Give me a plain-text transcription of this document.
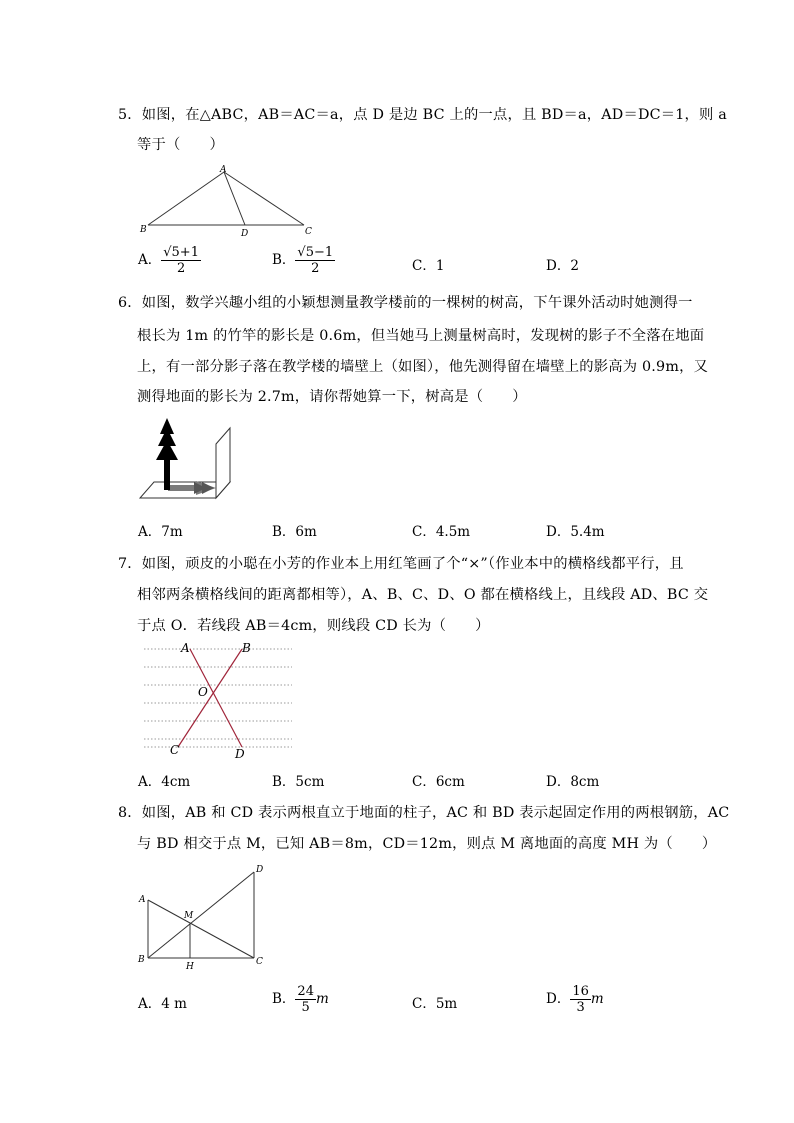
5．如图，在△ABC，AB＝AC＝a，点 D 是边 BC 上的一点，且 BD＝a，AD＝DC＝1，则 a
等于（　　）
A
B	C
D
A． $\frac{√5+1}{2}$	B． $\frac{√5-1}{2}$	C．1	D．2
6．如图，数学兴趣小组的小颖想测量教学楼前的一棵树的树高，下午课外活动时她测得一
根长为 1m 的竹竿的影长是 0.6m，但当她马上测量树高时，发现树的影子不全落在地面
上，有一部分影子落在教学楼的墙壁上（如图），他先测得留在墙壁上的影高为 0.9m，又
测得地面的影长为 2.7m，请你帮她算一下，树高是（　　）
A．7m	B．6m	C．4.5m	D．5.4m
7．如图，顽皮的小聪在小芳的作业本上用红笔画了个“×”（作业本中的横格线都平行，且
相邻两条横格线间的距离都相等），A、B、C、D、O 都在横格线上，且线段 AD、BC 交
于点 O．若线段 AB＝4cm，则线段 CD 长为（　　）
A	B
O
C	D
A．4cm	B．5cm	C．6cm	D．8cm
8．如图，AB 和 CD 表示两根直立于地面的柱子，AC 和 BD 表示起固定作用的两根钢筋，AC
与 BD 相交于点 M，已知 AB＝8m，CD＝12m，则点 M 离地面的高度 MH 为（　　）
A
B	C
D
M
H
A．4 m	B． $\frac{24}{5}$ m	C．5m	D． $\frac{16}{3}$ m
